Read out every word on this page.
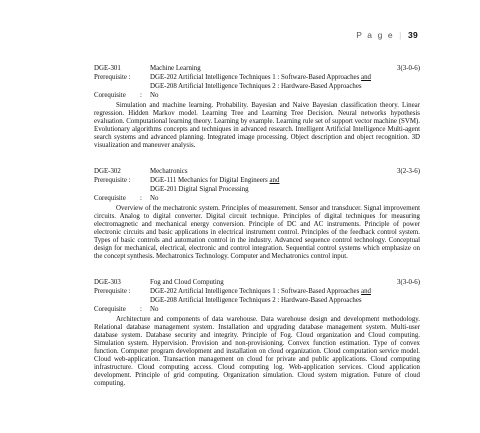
P a g e | 39
DGE-301	Machine Learning	3(3-0-6)
Prerequisite :	DGE-202 Artificial Intelligence Techniques 1 : Software-Based Approaches and
DGE-208 Artificial Intelligence Techniques 2 : Hardware-Based Approaches
Corequisite	:	No
Simulation and machine learning. Probability. Bayesian and Naive Bayesian classification theory. Linear regression. Hidden Markov model. Learning Tree and Learning Tree Decision. Neural networks hypothesis evaluation. Computational learning theory. Learning by example. Learning rule set of support vector machine (SVM). Evolutionary algorithms concepts and techniques in advanced research. Intelligent Artificial Intelligence Multi-agent search systems and advanced planning. Integrated image processing. Object description and object recognition. 3D visualization and maneuver analysis.
DGE-302	Mechatronics	3(2-3-6)
Prerequisite :	DGE-111 Mechanics for Digital Engineers and
DGE-201 Digital Signal Processing
Corequisite	:	No
Overview of the mechatronic system. Principles of measurement. Sensor and transducer. Signal improvement circuits. Analog to digital converter. Digital circuit technique. Principles of digital techniques for measuring electromagnetic and mechanical energy conversion. Principle of DC and AC instruments. Principle of power electronic circuits and basic applications in electrical instrument control. Principles of the feedback control system. Types of basic controls and automation control in the industry. Advanced sequence control technology. Conceptual design for mechanical, electrical, electronic and control integration. Sequential control systems which emphasize on the concept synthesis. Mechatronics Technology. Computer and Mechatronics control input.
DGE-303	Fog and Cloud Computing	3(3-0-6)
Prerequisite :	DGE-202 Artificial Intelligence Techniques 1 : Software-Based Approaches and
DGE-208 Artificial Intelligence Techniques 2 : Hardware-Based Approaches
Corequisite	:	No
Architecture and components of data warehouse. Data warehouse design and development methodology. Relational database management system. Installation and upgrading database management system. Multi-user database system. Database security and integrity. Principle of Fog. Cloud organization and Cloud computing. Simulation system. Hypervision. Provision and non-provisioning. Convex function estimation. Type of convex function. Computer program development and installation on cloud organization. Cloud computation service model. Cloud web-application. Transaction management on cloud for private and public applications. Cloud computing infrastructure. Cloud computing access. Cloud computing log. Web-application services. Cloud application development. Principle of grid computing. Organization simulation. Cloud system migration. Future of cloud computing.
